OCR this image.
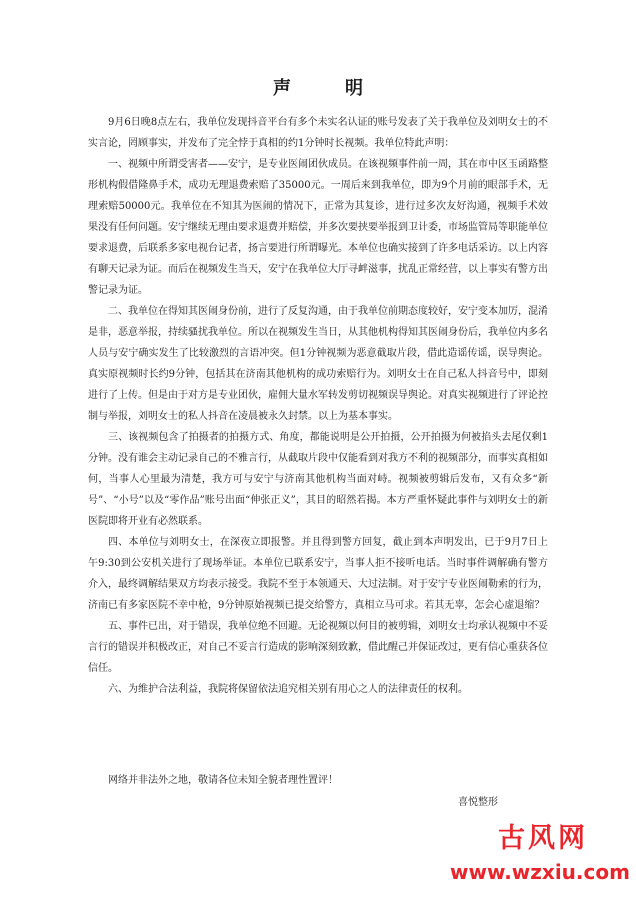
声　明

9月6日晚8点左右，我单位发现抖音平台有多个未实名认证的账号发表了关于我单位及刘明女士的不实言论，罔顾事实，并发布了完全悖于真相的约1分钟时长视频。我单位特此声明：

一、视频中所谓受害者——安宁，是专业医闹团伙成员。在该视频事件前一周，其在市中区玉函路整形机构假借隆鼻手术，成功无理退费索赔了35000元。一周后来到我单位，即为9个月前的眼部手术，无理索赔50000元。我单位在不知其为医闹的情况下，正常为其复诊，进行过多次友好沟通，视频手术效果没有任何问题。安宁继续无理由要求退费并赔偿，并多次要挟要举报到卫计委，市场监管局等职能单位要求退费，后联系多家电视台记者，扬言要进行所谓曝光。本单位也确实接到了许多电话采访。以上内容有聊天记录为证。而后在视频发生当天，安宁在我单位大厅寻衅滋事，扰乱正常经营，以上事实有警方出警记录为证。

二、我单位在得知其医闹身份前，进行了反复沟通，由于我单位前期态度较好，安宁变本加厉，混淆是非，恶意举报，持续骚扰我单位。所以在视频发生当日，从其他机构得知其医闹身份后，我单位内多名人员与安宁确实发生了比较激烈的言语冲突。但1分钟视频为恶意截取片段，借此造谣传谣，误导舆论。真实原视频时长约9分钟，包括其在济南其他机构的成功索赔行为。刘明女士在自己私人抖音号中，即刻进行了上传。但是由于对方是专业团伙，雇佣大量水军转发剪切视频误导舆论。对真实视频进行了评论控制与举报，刘明女士的私人抖音在凌晨被永久封禁。以上为基本事实。

三、该视频包含了拍摄者的拍摄方式、角度，都能说明是公开拍摄，公开拍摄为何被掐头去尾仅剩1分钟。没有谁会主动记录自己的不雅言行，从截取片段中仅能看到对我方不利的视频部分，而事实真相如何，当事人心里最为清楚，我方可与安宁与济南其他机构当面对峙。视频被剪辑后发布，又有众多“新号”、“小号”以及“零作品”账号出面“伸张正义”，其目的昭然若揭。本方严重怀疑此事件与刘明女士的新医院即将开业有必然联系。

四、本单位与刘明女士，在深夜立即报警。并且得到警方回复，截止到本声明发出，已于9月7日上午9:30到公安机关进行了现场举证。本单位已联系安宁，当事人拒不接听电话。当时事件调解确有警方介入，最终调解结果双方均表示接受。我院不至于本领通天、大过法制。对于安宁专业医闹勒索的行为，济南已有多家医院不幸中枪，9分钟原始视频已提交给警方，真相立马可求。若其无辜，怎会心虚退缩？

五、事件已出，对于错误，我单位绝不回避。无论视频以何目的被剪辑，刘明女士均承认视频中不妥言行的错误并积极改正，对自己不妥言行造成的影响深刻致歉，借此醒己并保证改过，更有信心重获各位信任。

六、为维护合法利益，我院将保留依法追究相关别有用心之人的法律责任的权利。

网络并非法外之地，敬请各位未知全貌者理性置评！
喜悦整形
古风网
www.wzxiu.com
